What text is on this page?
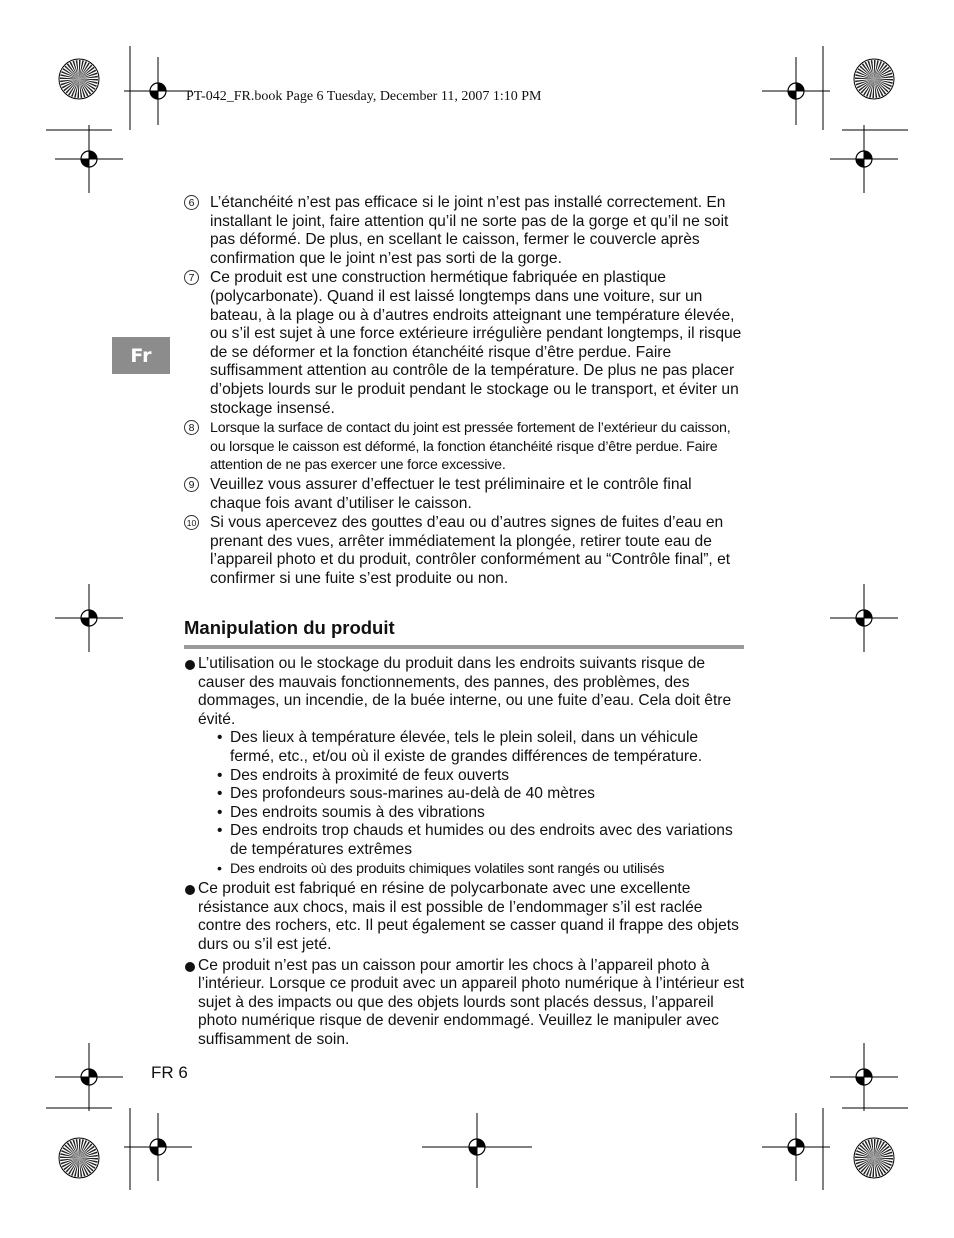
PT-042_FR.book Page 6 Tuesday, December 11, 2007 1:10 PM
Fr
6 L’étanchéité n’est pas efficace si le joint n’est pas installé correctement. En installant le joint, faire attention qu’il ne sorte pas de la gorge et qu’il ne soit pas déformé. De plus, en scellant le caisson, fermer le couvercle après confirmation que le joint n’est pas sorti de la gorge.
7 Ce produit est une construction hermétique fabriquée en plastique (polycarbonate). Quand il est laissé longtemps dans une voiture, sur un bateau, à la plage ou à d’autres endroits atteignant une température élevée, ou s’il est sujet à une force extérieure irrégulière pendant longtemps, il risque de se déformer et la fonction étanchéité risque d’être perdue. Faire suffisamment attention au contrôle de la température. De plus ne pas placer d’objets lourds sur le produit pendant le stockage ou le transport, et éviter un stockage insensé.
8	Lorsque la surface de contact du joint est pressée fortement de l’extérieur du caisson, ou lorsque le caisson est déformé, la fonction étanchéité risque d’être perdue. Faire attention de ne pas exercer une force excessive.
9 Veuillez vous assurer d’effectuer le test préliminaire et le contrôle final chaque fois avant d’utiliser le caisson.
10 Si vous apercevez des gouttes d’eau ou d’autres signes de fuites d’eau en prenant des vues, arrêter immédiatement la plongée, retirer toute eau de l’appareil photo et du produit, contrôler conformément au “Contrôle final”, et confirmer si une fuite s’est produite ou non.
Manipulation du produit
L’utilisation ou le stockage du produit dans les endroits suivants risque de causer des mauvais fonctionnements, des pannes, des problèmes, des dommages, un incendie, de la buée interne, ou une fuite d’eau. Cela doit être évité.
• Des lieux à température élevée, tels le plein soleil, dans un véhicule fermé, etc., et/ou où il existe de grandes différences de température.
• Des endroits à proximité de feux ouverts
• Des profondeurs sous-marines au-delà de 40 mètres
• Des endroits soumis à des vibrations
• Des endroits trop chauds et humides ou des endroits avec des variations de températures extrêmes
• Des endroits où des produits chimiques volatiles sont rangés ou utilisés
Ce produit est fabriqué en résine de polycarbonate avec une excellente résistance aux chocs, mais il est possible de l’endommager s’il est raclée contre des rochers, etc. Il peut également se casser quand il frappe des objets durs ou s’il est jeté.
Ce produit n’est pas un caisson pour amortir les chocs à l’appareil photo à l’intérieur. Lorsque ce produit avec un appareil photo numérique à l’intérieur est sujet à des impacts ou que des objets lourds sont placés dessus, l’appareil photo numérique risque de devenir endommagé. Veuillez le manipuler avec suffisamment de soin.
FR 6
